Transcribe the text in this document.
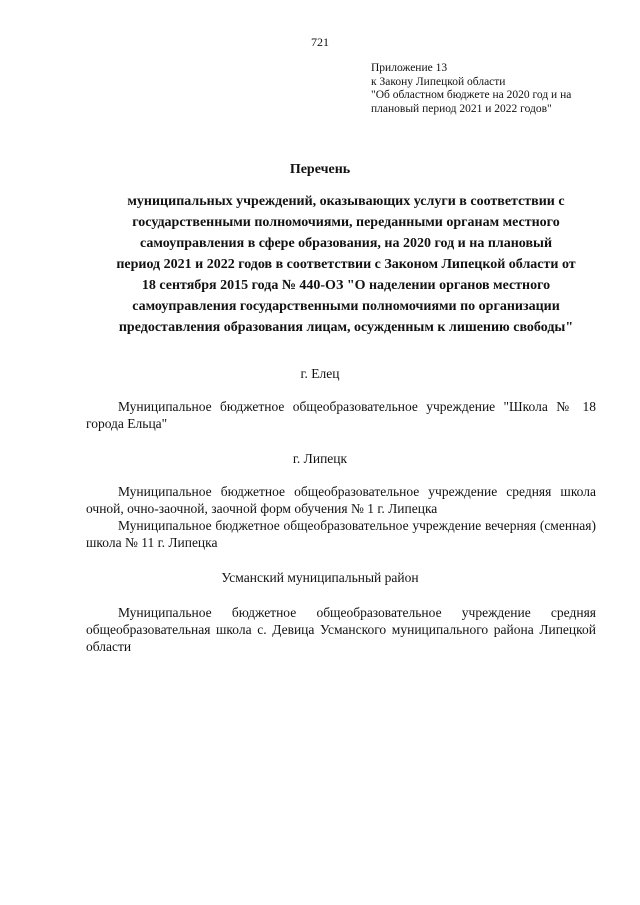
721
Приложение 13
к Закону Липецкой области
"Об областном бюджете на 2020 год и на
плановый период 2021 и 2022 годов"
Перечень
муниципальных учреждений, оказывающих услуги в соответствии с
государственными полномочиями, переданными органам местного
самоуправления в сфере образования, на 2020 год и на плановый
период 2021 и 2022 годов в соответствии с Законом Липецкой области от
18 сентября 2015 года № 440-ОЗ "О наделении органов местного
самоуправления государственными полномочиями по организации
предоставления образования лицам, осужденным к лишению свободы"
г. Елец
Муниципальное бюджетное общеобразовательное учреждение "Школа № 18 города Ельца"
г. Липецк
Муниципальное бюджетное общеобразовательное учреждение средняя школа очной, очно-заочной, заочной форм обучения № 1 г. Липецка
Муниципальное бюджетное общеобразовательное учреждение вечерняя (сменная) школа № 11 г. Липецка
Усманский муниципальный район
Муниципальное бюджетное общеобразовательное учреждение средняя общеобразовательная школа с. Девица Усманского муниципального района Липецкой области
